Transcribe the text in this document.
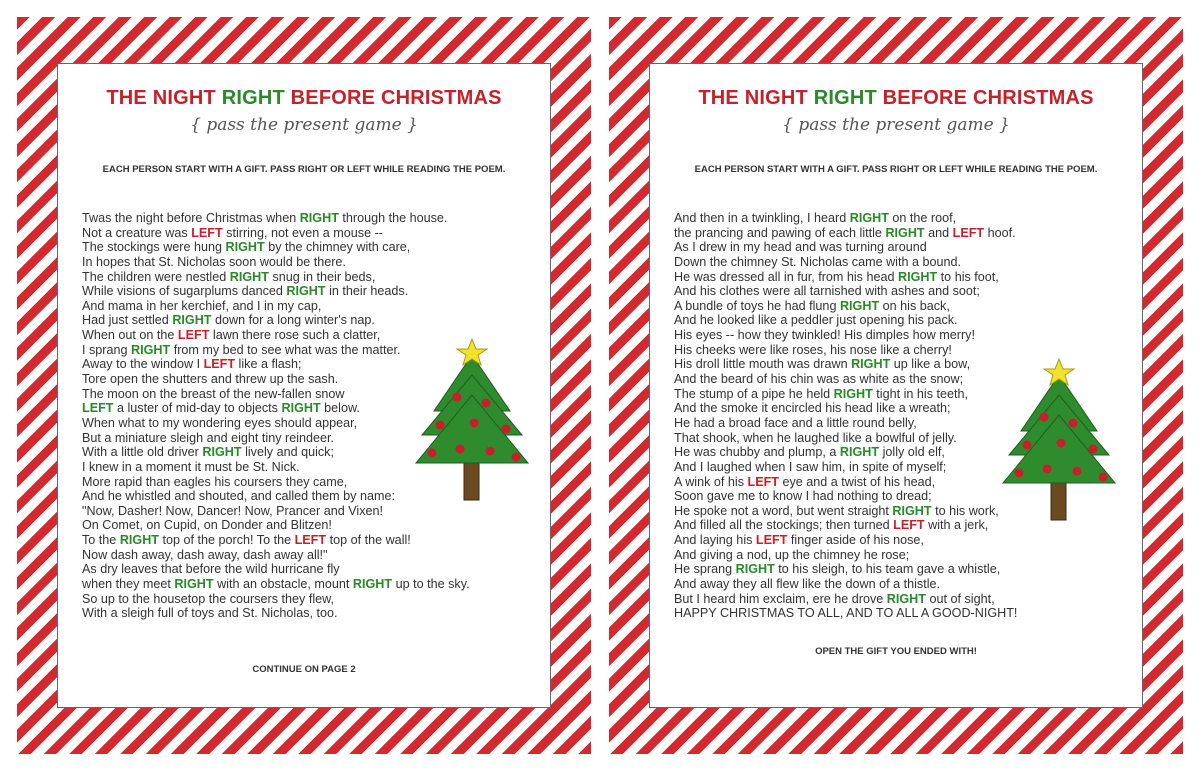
THE NIGHT RIGHT BEFORE CHRISTMAS
{ pass the present game }
EACH PERSON START WITH A GIFT. PASS RIGHT OR LEFT WHILE READING THE POEM.
Twas the night before Christmas when RIGHT through the house.
Not a creature was LEFT stirring, not even a mouse --
The stockings were hung RIGHT by the chimney with care,
In hopes that St. Nicholas soon would be there.
The children were nestled RIGHT snug in their beds,
While visions of sugarplums danced RIGHT in their heads.
And mama in her kerchief, and I in my cap,
Had just settled RIGHT down for a long winter's nap.
When out on the LEFT lawn there rose such a clatter,
I sprang RIGHT from my bed to see what was the matter.
Away to the window I LEFT like a flash;
Tore open the shutters and threw up the sash.
The moon on the breast of the new-fallen snow
LEFT a luster of mid-day to objects RIGHT below.
When what to my wondering eyes should appear,
But a miniature sleigh and eight tiny reindeer.
With a little old driver RIGHT lively and quick;
I knew in a moment it must be St. Nick.
More rapid than eagles his coursers they came,
And he whistled and shouted, and called them by name:
"Now, Dasher! Now, Dancer! Now, Prancer and Vixen!
On Comet, on Cupid, on Donder and Blitzen!
To the RIGHT top of the porch! To the LEFT top of the wall!
Now dash away, dash away, dash away all!"
As dry leaves that before the wild hurricane fly
when they meet RIGHT with an obstacle, mount RIGHT up to the sky.
So up to the housetop the coursers they flew,
With a sleigh full of toys and St. Nicholas, too.
CONTINUE ON PAGE 2
THE NIGHT RIGHT BEFORE CHRISTMAS
{ pass the present game }
EACH PERSON START WITH A GIFT. PASS RIGHT OR LEFT WHILE READING THE POEM.
And then in a twinkling, I heard RIGHT on the roof,
the prancing and pawing of each little RIGHT and LEFT hoof.
As I drew in my head and was turning around
Down the chimney St. Nicholas came with a bound.
He was dressed all in fur, from his head RIGHT to his foot,
And his clothes were all tarnished with ashes and soot;
A bundle of toys he had flung RIGHT on his back,
And he looked like a peddler just opening his pack.
His eyes -- how they twinkled! His dimples how merry!
His cheeks were like roses, his nose like a cherry!
His droll little mouth was drawn RIGHT up like a bow,
And the beard of his chin was as white as the snow;
The stump of a pipe he held RIGHT tight in his teeth,
And the smoke it encircled his head like a wreath;
He had a broad face and a little round belly,
That shook, when he laughed like a bowlful of jelly.
He was chubby and plump, a RIGHT jolly old elf,
And I laughed when I saw him, in spite of myself;
A wink of his LEFT eye and a twist of his head,
Soon gave me to know I had nothing to dread;
He spoke not a word, but went straight RIGHT to his work,
And filled all the stockings; then turned LEFT with a jerk,
And laying his LEFT finger aside of his nose,
And giving a nod, up the chimney he rose;
He sprang RIGHT to his sleigh, to his team gave a whistle,
And away they all flew like the down of a thistle.
But I heard him exclaim, ere he drove RIGHT out of sight,
HAPPY CHRISTMAS TO ALL, AND TO ALL A GOOD-NIGHT!
OPEN THE GIFT YOU ENDED WITH!
